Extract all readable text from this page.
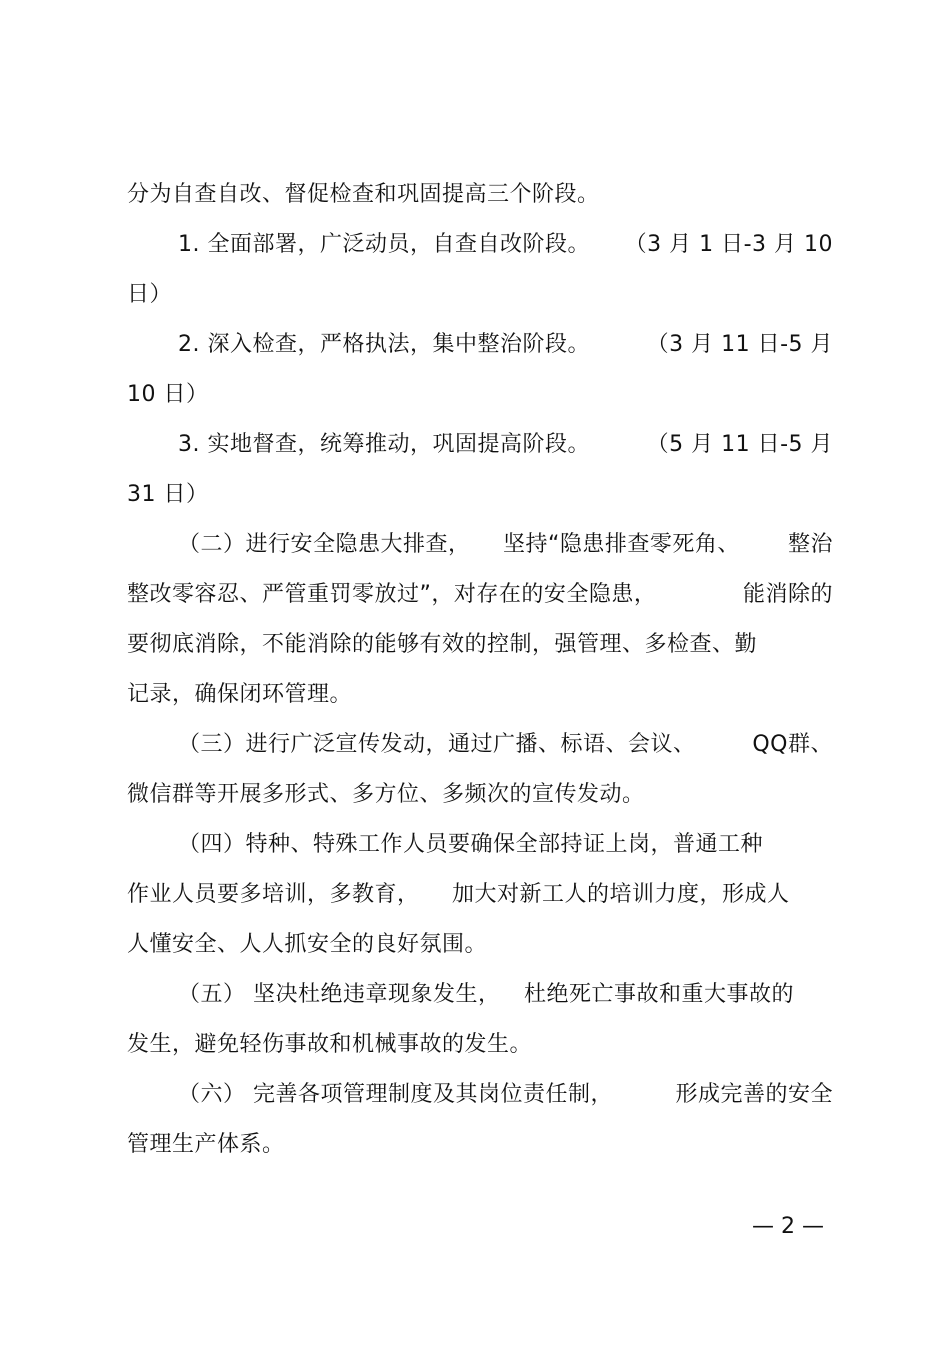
分为自查自改、督促检查和巩固提高三个阶段。
1. 全面部署，广泛动员，自查自改阶段。 （3 月 1 日-3 月 10
日）
2. 深入检查，严格执法，集中整治阶段。	（3 月 11 日-5 月
10 日）
3. 实地督查，统筹推动，巩固提高阶段。	（5 月 11 日-5 月
31 日）
（二）进行安全隐患大排查， 坚持“隐患排查零死角、 整治
整改零容忍、严管重罚零放过”，对存在的安全隐患，	能消除的
要彻底消除，不能消除的能够有效的控制，强管理、多检查、勤
记录，确保闭环管理。
（三）进行广泛宣传发动，通过广播、标语、会议、	QQ群、
微信群等开展多形式、多方位、多频次的宣传发动。
（四）特种、特殊工作人员要确保全部持证上岗，普通工种
作业人员要多培训，多教育， 加大对新工人的培训力度，形成人
人懂安全、人人抓安全的良好氛围。
（五） 坚决杜绝违章现象发生， 杜绝死亡事故和重大事故的
发生，避免轻伤事故和机械事故的发生。
（六） 完善各项管理制度及其岗位责任制，	形成完善的安全
管理生产体系。
— 2 —
